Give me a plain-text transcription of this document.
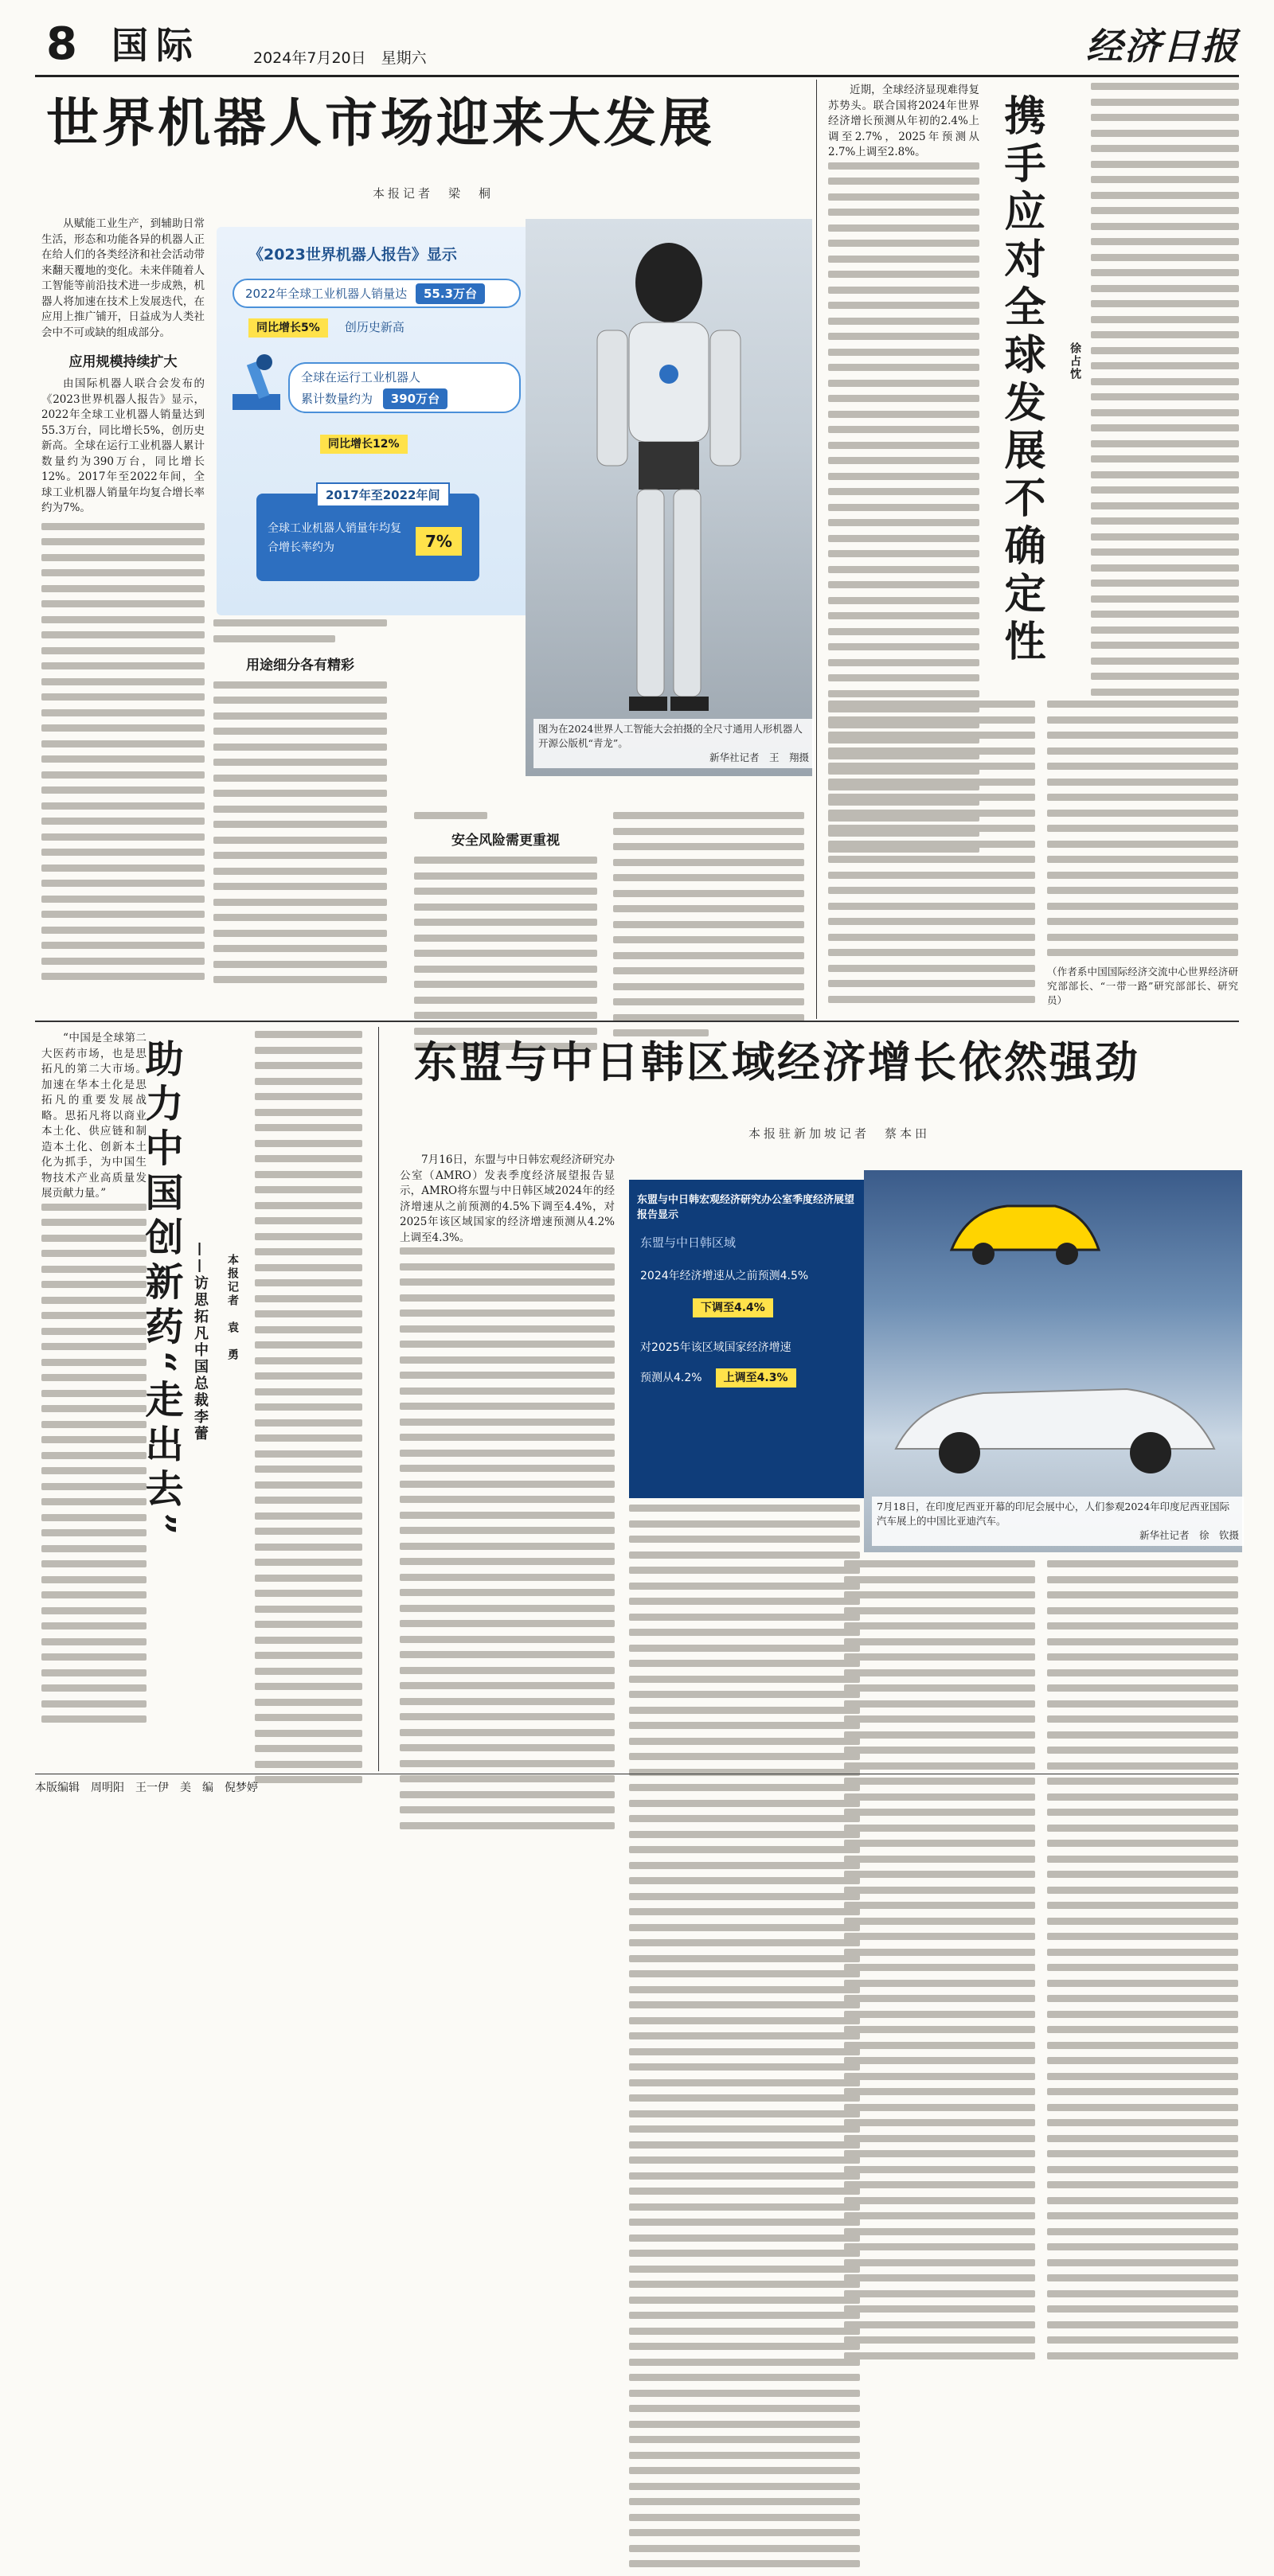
8 国际	2024年7月20日　星期六	经济日报
世界机器人市场迎来大发展
本报记者　梁　桐

从赋能工业生产，到辅助日常生活，形态和功能各异的机器人正在给人们的各类经济和社会活动带来翻天覆地的变化。未来伴随着人工智能等前沿技术进一步成熟，机器人将加速在技术上发展迭代，在应用上推广铺开，日益成为人类社会中不可或缺的组成部分。

应用规模持续扩大

由国际机器人联合会发布的《2023世界机器人报告》显示，2022年全球工业机器人销量达到55.3万台，同比增长5%，创历史新高。全球在运行工业机器人累计数量约为390万台，同比增长12%。2017年至2022年间，全球工业机器人销量年均复合增长率约为7%。

《2023世界机器人报告》显示
2022年全球工业机器人销量达 55.3万台
同比增长5% 创历史新高
全球在运行工业机器人
累计数量约为 390万台
同比增长12%
2017年至2022年间
全球工业机器人销量年均复合增长率约为	7%
图为在2024世界人工智能大会拍摄的全尺寸通用人形机器人开源公版机“青龙”。
新华社记者　王　翔摄
用途细分各有精彩
安全风险需更重视

近期，全球经济显现难得复苏势头。联合国将2024年世界经济增长预测从年初的2.4%上调至2.7%，2025年预测从2.7%上调至2.8%。	携手应对全球发展不确定性	徐占忱

（作者系中国国际经济交流中心世界经济研究部部长、“一带一路”研究部部长、研究员）

“中国是全球第二大医药市场，也是思拓凡的第二大市场。加速在华本土化是思拓凡的重要发展战略。思拓凡将以商业本土化、供应链和制造本土化、创新本土化为抓手，为中国生物技术产业高质量发展贡献力量。” 助力中国创新药“走出去” ——访思拓凡中国总裁李蕾 本报记者　袁　勇
东盟与中日韩区域经济增长依然强劲
本报驻新加坡记者　蔡本田

7月16日，东盟与中日韩宏观经济研究办公室（AMRO）发表季度经济展望报告显示，AMRO将东盟与中日韩区域2024年的经济增速从之前预测的4.5%下调至4.4%，对2025年该区域国家的经济增速预测从4.2%上调至4.3%。

东盟与中日韩宏观经济研究办公室季度经济展望报告显示
东盟与中日韩区域
2024年经济增速从之前预测4.5%
下调至4.4%
对2025年该区域国家经济增速
预测从4.2% 上调至4.3%
7月18日，在印度尼西亚开幕的印尼会展中心，人们参观2024年印度尼西亚国际汽车展上的中国比亚迪汽车。
新华社记者　徐　钦摄
本版编辑　周明阳　王一伊　美　编　倪梦婷
